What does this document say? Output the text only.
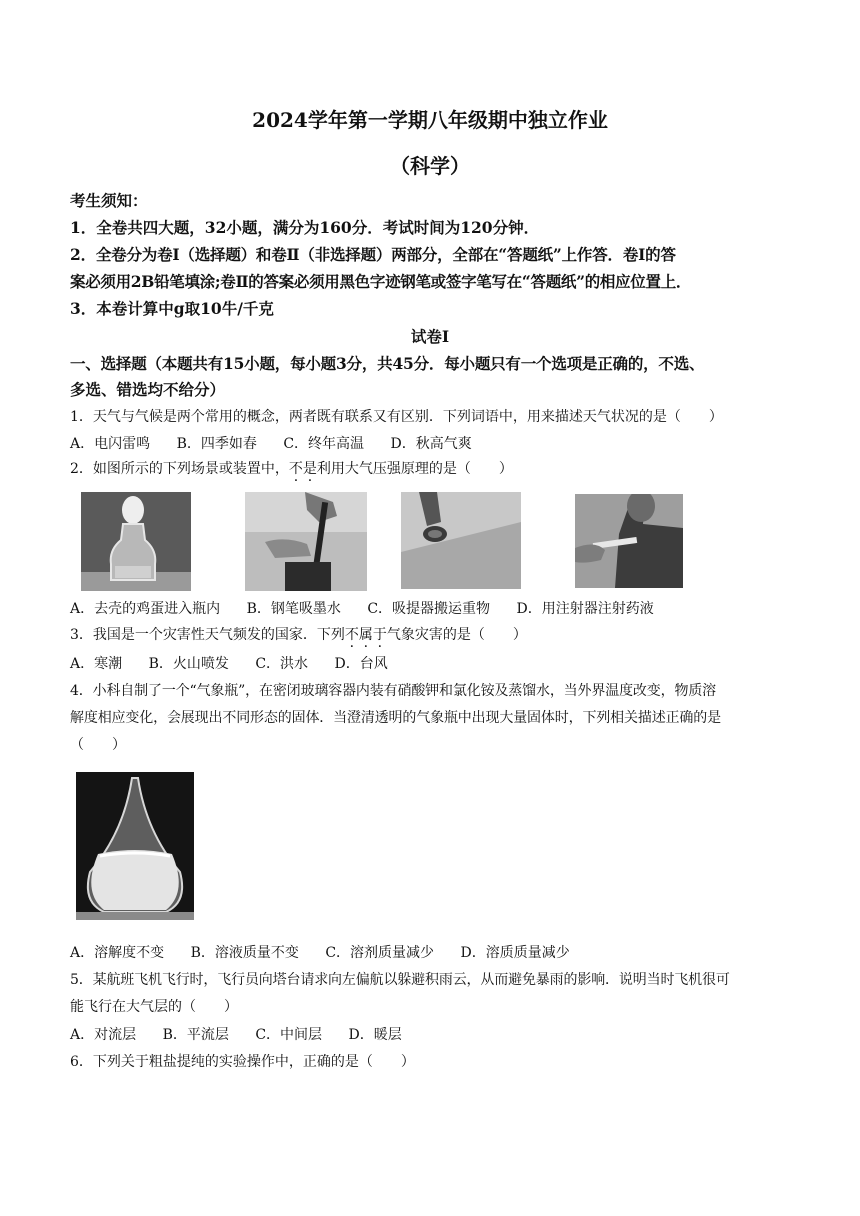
2024学年第一学期八年级期中独立作业
（科学）
考生须知：
1．全卷共四大题，32小题，满分为160分．考试时间为120分钟．
2．全卷分为卷Ⅰ（选择题）和卷Ⅱ（非选择题）两部分，全部在“答题纸”上作答．卷Ⅰ的答
案必须用2B铅笔填涂;卷Ⅱ的答案必须用黑色字迹钢笔或签字笔写在“答题纸”的相应位置上．
3．本卷计算中g取10牛/千克
试卷Ⅰ
一、选择题（本题共有15小题，每小题3分，共45分．每小题只有一个选项是正确的，不选、
多选、错选均不给分）
1．天气与气候是两个常用的概念，两者既有联系又有区别．下列词语中，用来描述天气状况的是（　　）
A．电闪雷鸣 B．四季如春 C．终年高温 D．秋高气爽
2．如图所示的下列场景或装置中，不是利用大气压强原理的是（　　）
A．去壳的鸡蛋进入瓶内 B．钢笔吸墨水 C．吸提器搬运重物 D．用注射器注射药液
3．我国是一个灾害性天气频发的国家．下列不属于气象灾害的是（　　）
A．寒潮 B．火山喷发 C．洪水 D．台风
4．小科自制了一个“气象瓶”，在密闭玻璃容器内装有硝酸钾和氯化铵及蒸馏水，当外界温度改变，物质溶
解度相应变化，会展现出不同形态的固体．当澄清透明的气象瓶中出现大量固体时，下列相关描述正确的是
（　　）
A．溶解度不变 B．溶液质量不变 C．溶剂质量减少 D．溶质质量减少
5．某航班飞机飞行时，飞行员向塔台请求向左偏航以躲避积雨云，从而避免暴雨的影响．说明当时飞机很可
能飞行在大气层的（　　）
A．对流层 B．平流层 C．中间层 D．暖层
6．下列关于粗盐提纯的实验操作中，正确的是（　　）
